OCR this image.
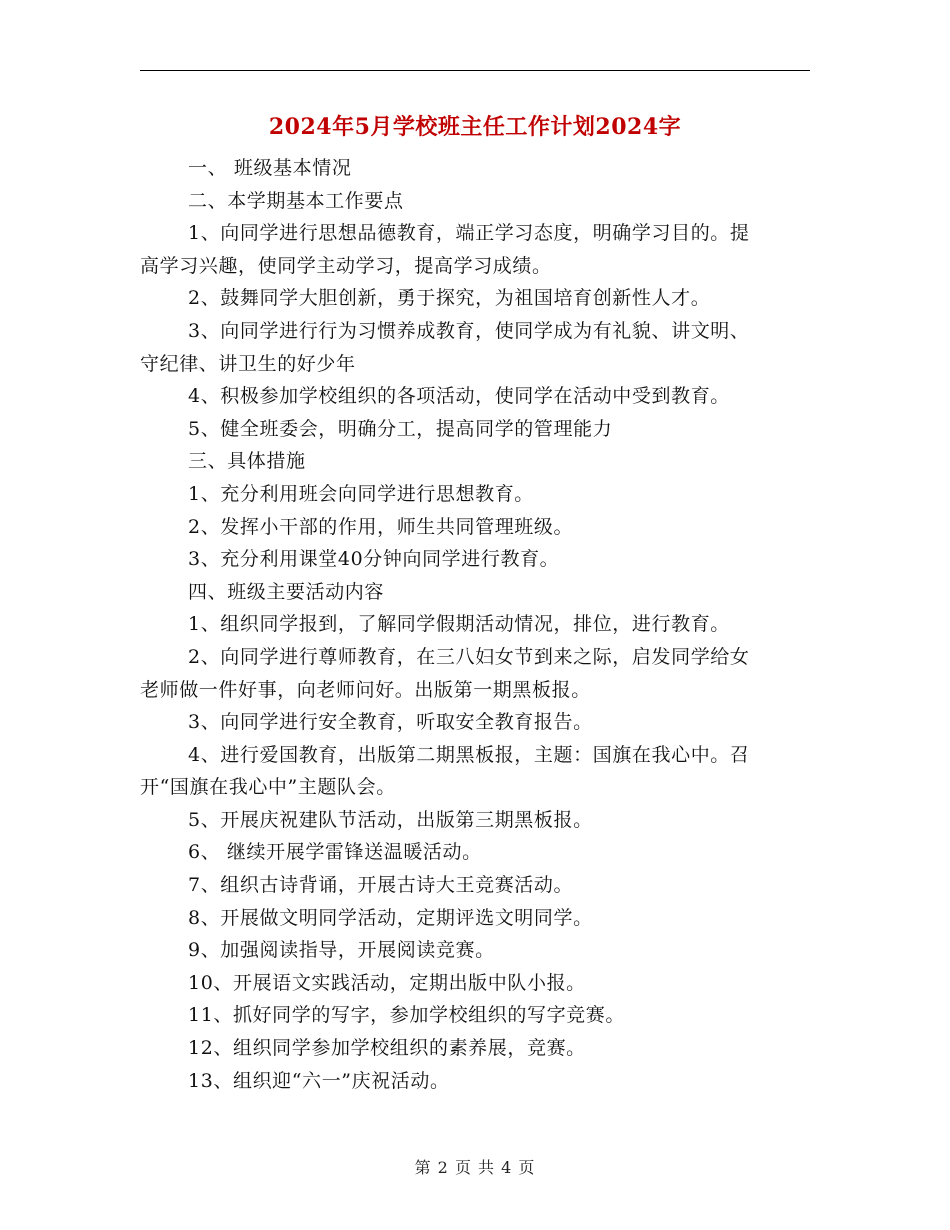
2024年5月学校班主任工作计划2024字
一、 班级基本情况
二、本学期基本工作要点
1、向同学进行思想品德教育，端正学习态度，明确学习目的。提
高学习兴趣，使同学主动学习，提高学习成绩。
2、鼓舞同学大胆创新，勇于探究，为祖国培育创新性人才。
3、向同学进行行为习惯养成教育，使同学成为有礼貌、讲文明、
守纪律、讲卫生的好少年
4、积极参加学校组织的各项活动，使同学在活动中受到教育。
5、健全班委会，明确分工，提高同学的管理能力
三、具体措施
1、充分利用班会向同学进行思想教育。
2、发挥小干部的作用，师生共同管理班级。
3、充分利用课堂40分钟向同学进行教育。
四、班级主要活动内容
1、组织同学报到，了解同学假期活动情况，排位，进行教育。
2、向同学进行尊师教育，在三八妇女节到来之际，启发同学给女
老师做一件好事，向老师问好。出版第一期黑板报。
3、向同学进行安全教育，听取安全教育报告。
4、进行爱国教育，出版第二期黑板报，主题：国旗在我心中。召
开“国旗在我心中”主题队会。
5、开展庆祝建队节活动，出版第三期黑板报。
6、 继续开展学雷锋送温暖活动。
7、组织古诗背诵，开展古诗大王竞赛活动。
8、开展做文明同学活动，定期评选文明同学。
9、加强阅读指导，开展阅读竞赛。
10、开展语文实践活动，定期出版中队小报。
11、抓好同学的写字，参加学校组织的写字竞赛。
12、组织同学参加学校组织的素养展，竞赛。
13、组织迎“六一”庆祝活动。
第 2 页 共 4 页
